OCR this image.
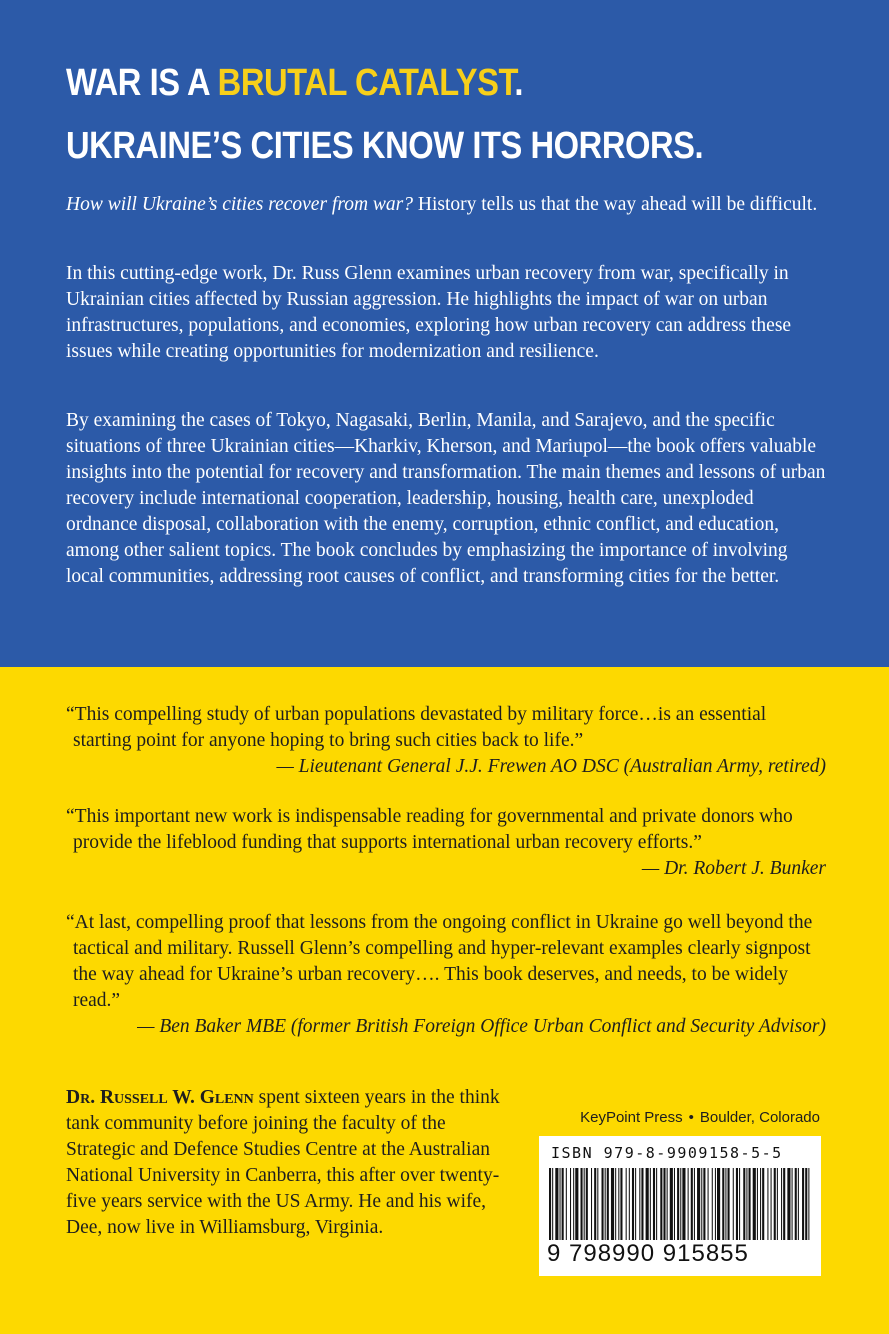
WAR IS A BRUTAL CATALYST.
UKRAINE’S CITIES KNOW ITS HORRORS.

How will Ukraine’s cities recover from war? History tells us that the way ahead will be difficult.

In this cutting-edge work, Dr. Russ Glenn examines urban recovery from war, specifically in Ukrainian cities affected by Russian aggression. He highlights the impact of war on urban infrastructures, populations, and economies, exploring how urban recovery can address these issues while creating opportunities for modernization and resilience.

By examining the cases of Tokyo, Nagasaki, Berlin, Manila, and Sarajevo, and the specific situations of three Ukrainian cities—Kharkiv, Kherson, and Mariupol—the book offers valuable insights into the potential for recovery and transformation. The main themes and lessons of urban recovery include international cooperation, leadership, housing, health care, unexploded ordnance disposal, collaboration with the enemy, corruption, ethnic conflict, and education, among other salient topics. The book concludes by emphasizing the importance of involving local communities, addressing root causes of conflict, and transforming cities for the better.

“This compelling study of urban populations devastated by military force…is an essential starting point for anyone hoping to bring such cities back to life.”

— Lieutenant General J.J. Frewen AO DSC (Australian Army, retired)

“This important new work is indispensable reading for governmental and private donors who provide the lifeblood funding that supports international urban recovery efforts.”

— Dr. Robert J. Bunker

“At last, compelling proof that lessons from the ongoing conflict in Ukraine go well beyond the tactical and military. Russell Glenn’s compelling and hyper-relevant examples clearly signpost the way ahead for Ukraine’s urban recovery…. This book deserves, and needs, to be widely read.”

— Ben Baker MBE (former British Foreign Office Urban Conflict and Security Advisor)

Dr. Russell W. Glenn spent sixteen years in the think tank community before joining the faculty of the Strategic and Defence Studies Centre at the Australian National University in Canberra, this after over twenty-five years service with the US Army. He and his wife, Dee, now live in Williamsburg, Virginia.

KeyPoint Press • Boulder, Colorado
ISBN 979-8-9909158-5-5
9 798990 915855
